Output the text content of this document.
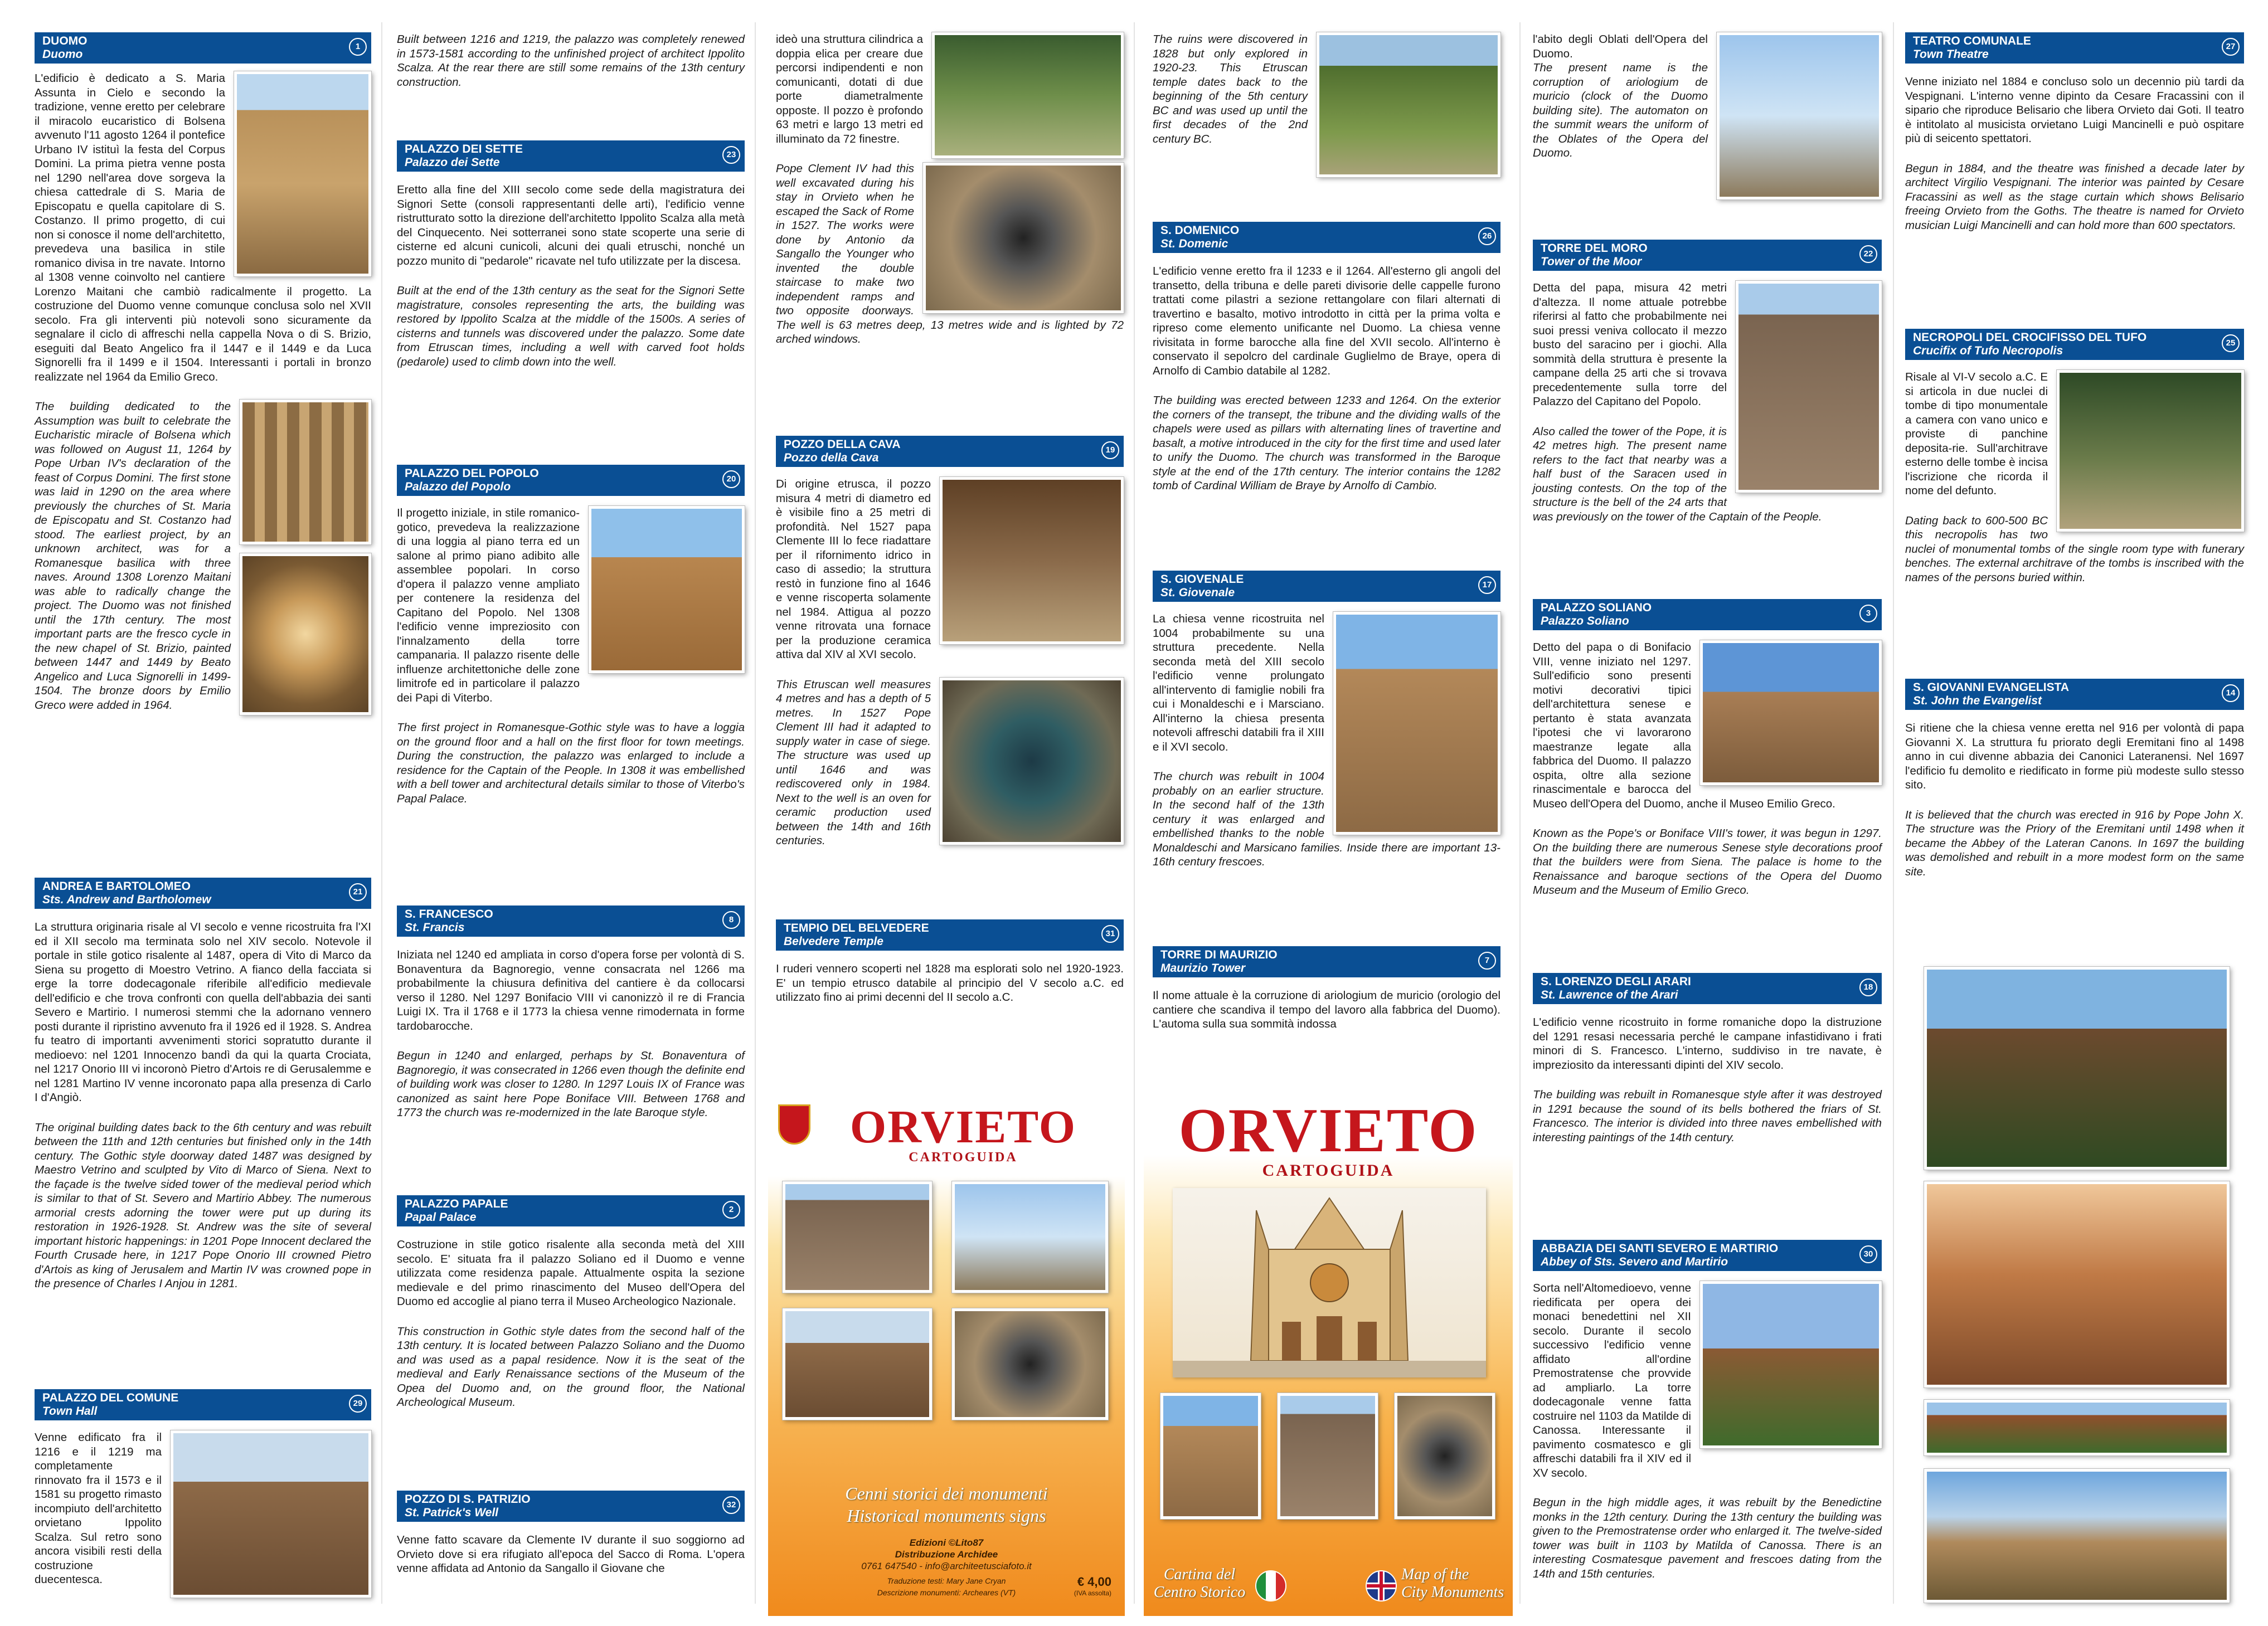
DUOMO
Duomo
1
L'edificio è dedicato a S. Maria Assunta in Cielo e secondo la tradizione, venne eretto per celebrare il miracolo eucaristico di Bolsena avvenuto l'11 agosto 1264 il pontefice Urbano IV istituì la festa del Corpus Domini. La prima pietra venne posta nel 1290 nell'area dove sorgeva la chiesa cattedrale di S. Maria de Episcopatu e quella capitolare di S. Costanzo. Il primo progetto, di cui non si conosce il nome dell'architetto, prevedeva una basilica in stile romanico divisa in tre navate. Intorno al 1308 venne coinvolto nel cantiere Lorenzo Maitani che cambiò radicalmente il progetto. La costruzione del Duomo venne comunque conclusa solo nel XVII secolo. Fra gli interventi più notevoli sono sicuramente da segnalare il ciclo di affreschi nella cappella Nova o di S. Brizio, eseguiti dal Beato Angelico fra il 1447 e il 1449 e da Luca Signorelli fra il 1499 e il 1504. Interessanti i portali in bronzo realizzate nel 1964 da Emilio Greco.
The building dedicated to the Assumption was built to celebrate the Eucharistic miracle of Bolsena which was followed on August 11, 1264 by Pope Urban IV's declaration of the feast of Corpus Domini. The first stone was laid in 1290 on the area where previously the churches of St. Maria de Episcopatu and St. Costanzo had stood. The earliest project, by an unknown architect, was for a Romanesque basilica with three naves. Around 1308 Lorenzo Maitani was able to radically change the project. The Duomo was not finished until the 17th century. The most important parts are the fresco cycle in the new chapel of St. Brizio, painted between 1447 and 1449 by Beato Angelico and Luca Signorelli in 1499-1504. The bronze doors by Emilio Greco were added in 1964.
ANDREA E BARTOLOMEO
Sts. Andrew and Bartholomew
21
La struttura originaria risale al VI secolo e venne ricostruita fra l'XI ed il XII secolo ma terminata solo nel XIV secolo. Notevole il portale in stile gotico risalente al 1487, opera di Vito di Marco da Siena su progetto di Moestro Vetrino. A fianco della facciata si erge la torre dodecagonale riferibile all'edificio medievale dell'edificio e che trova confronti con quella dell'abbazia dei santi Severo e Martirio. I numerosi stemmi che la adornano vennero posti durante il ripristino avvenuto fra il 1926 ed il 1928. S. Andrea fu teatro di importanti avvenimenti storici sopratutto durante il medioevo: nel 1201 Innocenzo bandì da qui la quarta Crociata, nel 1217 Onorio III vi incoronò Pietro d'Artois re di Gerusalemme e nel 1281 Martino IV venne incoronato papa alla presenza di Carlo I d'Angiò.
The original building dates back to the 6th century and was rebuilt between the 11th and 12th centuries but finished only in the 14th century. The Gothic style doorway dated 1487 was designed by Maestro Vetrino and sculpted by Vito di Marco of Siena. Next to the façade is the twelve sided tower of the medieval period which is similar to that of St. Severo and Martirio Abbey. The numerous armorial crests adorning the tower were put up during its restoration in 1926-1928. St. Andrew was the site of several important historic happenings: in 1201 Pope Innocent declared the Fourth Crusade here, in 1217 Pope Onorio III crowned Pietro d'Artois as king of Jerusalem and Martin IV was crowned pope in the presence of Charles I Anjou in 1281.
PALAZZO DEL COMUNE
Town Hall
29
Venne edificato fra il 1216 e il 1219 ma completamente rinnovato fra il 1573 e il 1581 su progetto rimasto incompiuto dell'architetto orvietano Ippolito Scalza. Sul retro sono ancora visibili resti della costruzione duecentesca.
Built between 1216 and 1219, the palazzo was completely renewed in 1573-1581 according to the unfinished project of architect Ippolito Scalza. At the rear there are still some remains of the 13th century construction.
PALAZZO DEI SETTE
Palazzo dei Sette
23
Eretto alla fine del XIII secolo come sede della magistratura dei Signori Sette (consoli rappresentanti delle arti), l'edificio venne ristrutturato sotto la direzione dell'architetto Ippolito Scalza alla metà del Cinquecento. Nei sotterranei sono state scoperte una serie di cisterne ed alcuni cunicoli, alcuni dei quali etruschi, nonché un pozzo munito di "pedarole" ricavate nel tufo utilizzate per la discesa.
Built at the end of the 13th century as the seat for the Signori Sette magistrature, consoles representing the arts, the building was restored by Ippolito Scalza at the middle of the 1500s. A series of cisterns and tunnels was discovered under the palazzo. Some date from Etruscan times, including a well with carved foot holds (pedarole) used to climb down into the well.
PALAZZO DEL POPOLO
Palazzo del Popolo
20
Il progetto iniziale, in stile romanico-gotico, prevedeva la realizzazione di una loggia al piano terra ed un salone al primo piano adibito alle assemblee popolari. In corso d'opera il palazzo venne ampliato per contenere la residenza del Capitano del Popolo. Nel 1308 l'edificio venne impreziosito con l'innalzamento della torre campanaria. Il palazzo risente delle influenze architettoniche delle zone limitrofe ed in particolare il palazzo dei Papi di Viterbo.
The first project in Romanesque-Gothic style was to have a loggia on the ground floor and a hall on the first floor for town meetings. During the construction, the palazzo was enlarged to include a residence for the Captain of the People. In 1308 it was embellished with a bell tower and architectural details similar to those of Viterbo's Papal Palace.
S. FRANCESCO
St. Francis
8
Iniziata nel 1240 ed ampliata in corso d'opera forse per volontà di S. Bonaventura da Bagnoregio, venne consacrata nel 1266 ma probabilmente la chiusura definitiva del cantiere è da collocarsi verso il 1280. Nel 1297 Bonifacio VIII vi canonizzò il re di Francia Luigi IX. Tra il 1768 e il 1773 la chiesa venne rimodernata in forme tardobarocche.
Begun in 1240 and enlarged, perhaps by St. Bonaventura of Bagnoregio, it was consecrated in 1266 even though the definite end of building work was closer to 1280. In 1297 Louis IX of France was canonized as saint here Pope Boniface VIII. Between 1768 and 1773 the church was re-modernized in the late Baroque style.
PALAZZO PAPALE
Papal Palace
2
Costruzione in stile gotico risalente alla seconda metà del XIII secolo. E' situata fra il palazzo Soliano ed il Duomo e venne utilizzata come residenza papale. Attualmente ospita la sezione medievale e del primo rinascimento del Museo dell'Opera del Duomo ed accoglie al piano terra il Museo Archeologico Nazionale.
This construction in Gothic style dates from the second half of the 13th century. It is located between Palazzo Soliano and the Duomo and was used as a papal residence. Now it is the seat of the medieval and Early Renaissance sections of the Museum of the Opea del Duomo and, on the ground floor, the National Archeological Museum.
POZZO DI S. PATRIZIO
St. Patrick's Well
32
Venne fatto scavare da Clemente IV durante il suo soggiorno ad Orvieto dove si era rifugiato all'epoca del Sacco di Roma. L'opera venne affidata ad Antonio da Sangallo il Giovane che
ideò una struttura cilindrica a doppia elica per creare due percorsi indipendenti e non comunicanti, dotati di due porte diametralmente opposte. Il pozzo è profondo 63 metri e largo 13 metri ed illuminato da 72 finestre.
Pope Clement IV had this well excavated during his stay in Orvieto when he escaped the Sack of Rome in 1527. The works were done by Antonio da Sangallo the Younger who invented the double staircase to make two independent ramps and two opposite doorways. The well is 63 metres deep, 13 metres wide and is lighted by 72 arched windows.
POZZO DELLA CAVA
Pozzo della Cava
19
Di origine etrusca, il pozzo misura 4 metri di diametro ed è visibile fino a 25 metri di profondità. Nel 1527 papa Clemente III lo fece riadattare per il rifornimento idrico in caso di assedio; la struttura restò in funzione fino al 1646 e venne riscoperta solamente nel 1984. Attigua al pozzo venne ritrovata una fornace per la produzione ceramica attiva dal XIV al XVI secolo.
This Etruscan well measures 4 metres and has a depth of 5 metres. In 1527 Pope Clement III had it adapted to supply water in case of siege. The structure was used up until 1646 and was rediscovered only in 1984. Next to the well is an oven for ceramic production used between the 14th and 16th centuries.
TEMPIO DEL BELVEDERE
Belvedere Temple
31
I ruderi vennero scoperti nel 1828 ma esplorati solo nel 1920-1923. E' un tempio etrusco databile al principio del V secolo a.C. ed utilizzato fino ai primi decenni del II secolo a.C.
ORVIETO
CARTOGUIDA
Cenni storici dei monumenti
Historical monuments signs
Edizioni ©Lito87
Distribuzione Archidee
0761 647540 - info@architeetusciafoto.it
Traduzione testi: Mary Jane Cryan
Descrizione monumenti: Archeares (VT)
€ 4,00
(IVA assolta)
The ruins were discovered in 1828 but only explored in 1920-23. This Etruscan temple dates back to the beginning of the 5th century BC and was used up until the first decades of the 2nd century BC.
S. DOMENICO
St. Domenic
26
L'edificio venne eretto fra il 1233 e il 1264. All'esterno gli angoli del transetto, della tribuna e delle pareti divisorie delle cappelle furono trattati come pilastri a sezione rettangolare con filari alternati di travertino e basalto, motivo introdotto in città per la prima volta e ripreso come elemento unificante nel Duomo. La chiesa venne rivisitata in forme barocche alla fine del XVII secolo. All'interno è conservato il sepolcro del cardinale Guglielmo de Braye, opera di Arnolfo di Cambio databile al 1282.
The building was erected between 1233 and 1264. On the exterior the corners of the transept, the tribune and the dividing walls of the chapels were used as pillars with alternating lines of travertine and basalt, a motive introduced in the city for the first time and used later to unify the Duomo. The church was transformed in the Baroque style at the end of the 17th century. The interior contains the 1282 tomb of Cardinal William de Braye by Arnolfo di Cambio.
S. GIOVENALE
St. Giovenale
17
La chiesa venne ricostruita nel 1004 probabilmente su una struttura precedente. Nella seconda metà del XIII secolo l'edificio venne prolungato all'intervento di famiglie nobili fra cui i Monaldeschi e i Marsciano. All'interno la chiesa presenta notevoli affreschi databili fra il XIII e il XVI secolo.
The church was rebuilt in 1004 probably on an earlier structure. In the second half of the 13th century it was enlarged and embellished thanks to the noble Monaldeschi and Marsicano families. Inside there are important 13-16th century frescoes.
TORRE DI MAURIZIO
Maurizio Tower
7
Il nome attuale è la corruzione di ariologium de muricio (orologio del cantiere che scandiva il tempo del lavoro alla fabbrica del Duomo). L'automa sulla sua sommità indossa
ORVIETO
CARTOGUIDA
Cartina del
Centro Storico
Map of the
City Monuments
l'abito degli Oblati dell'Opera del Duomo.
The present name is the corruption of ariologium de muricio (clock of the Duomo building site). The automaton on the summit wears the uniform of the Oblates of the Opera del Duomo.
TORRE DEL MORO
Tower of the Moor
22
Detta del papa, misura 42 metri d'altezza. Il nome attuale potrebbe riferirsi al fatto che probabilmente nei suoi pressi veniva collocato il mezzo busto del saracino per i giochi. Alla sommità della struttura è presente la campane della 25 arti che si trovava precedentemente sulla torre del Palazzo del Capitano del Popolo.
Also called the tower of the Pope, it is 42 metres high. The present name refers to the fact that nearby was a half bust of the Saracen used in jousting contests. On the top of the structure is the bell of the 24 arts that was previously on the tower of the Captain of the People.
PALAZZO SOLIANO
Palazzo Soliano
3
Detto del papa o di Bonifacio VIII, venne iniziato nel 1297. Sull'edificio sono presenti motivi decorativi tipici dell'architettura senese e pertanto è stata avanzata l'ipotesi che vi lavorarono maestranze legate alla fabbrica del Duomo. Il palazzo ospita, oltre alla sezione rinascimentale e barocca del Museo dell'Opera del Duomo, anche il Museo Emilio Greco.
Known as the Pope's or Boniface VIII's tower, it was begun in 1297. On the building there are numerous Senese style decorations proof that the builders were from Siena. The palace is home to the Renaissance and baroque sections of the Opera del Duomo Museum and the Museum of Emilio Greco.
S. LORENZO DEGLI ARARI
St. Lawrence of the Arari
18
L'edificio venne ricostruito in forme romaniche dopo la distruzione del 1291 resasi necessaria perché le campane infastidivano i frati minori di S. Francesco. L'interno, suddiviso in tre navate, è impreziosito da interessanti dipinti del XIV secolo.
The building was rebuilt in Romanesque style after it was destroyed in 1291 because the sound of its bells bothered the friars of St. Francesco. The interior is divided into three naves embellished with interesting paintings of the 14th century.
ABBAZIA DEI SANTI SEVERO E MARTIRIO
Abbey of Sts. Severo and Martirio
30
Sorta nell'Altomedioevo, venne riedificata per opera dei monaci benedettini nel XII secolo. Durante il secolo successivo l'edificio venne affidato all'ordine Premostratense che provvide ad ampliarlo. La torre dodecagonale venne fatta costruire nel 1103 da Matilde di Canossa. Interessante il pavimento cosmatesco e gli affreschi databili fra il XIV ed il XV secolo.
Begun in the high middle ages, it was rebuilt by the Benedictine monks in the 12th century. During the 13th century the building was given to the Premostratense order who enlarged it. The twelve-sided tower was built in 1103 by Matilda of Canossa. There is an interesting Cosmatesque pavement and frescoes dating from the 14th and 15th centuries.
TEATRO COMUNALE
Town Theatre
27
Venne iniziato nel 1884 e concluso solo un decennio più tardi da Vespignani. L'interno venne dipinto da Cesare Fracassini con il sipario che riproduce Belisario che libera Orvieto dai Goti. Il teatro è intitolato al musicista orvietano Luigi Mancinelli e può ospitare più di seicento spettatori.
Begun in 1884, and the theatre was finished a decade later by architect Virgilio Vespignani. The interior was painted by Cesare Fracassini as well as the stage curtain which shows Belisario freeing Orvieto from the Goths. The theatre is named for Orvieto musician Luigi Mancinelli and can hold more than 600 spectators.
NECROPOLI DEL CROCIFISSO DEL TUFO
Crucifix of Tufo Necropolis
25
Risale al VI-V secolo a.C. E si articola in due nuclei di tombe di tipo monumentale a camera con vano unico e proviste di panchine deposita-rie. Sull'architrave esterno delle tombe è incisa l'iscrizione che ricorda il nome del defunto.
Dating back to 600-500 BC this necropolis has two nuclei of monumental tombs of the single room type with funerary benches. The external architrave of the tombs is inscribed with the names of the persons buried within.
S. GIOVANNI EVANGELISTA
St. John the Evangelist
14
Si ritiene che la chiesa venne eretta nel 916 per volontà di papa Giovanni X. La struttura fu priorato degli Eremitani fino al 1498 anno in cui divenne abbazia dei Canonici Lateranensi. Nel 1697 l'edificio fu demolito e riedificato in forme più modeste sullo stesso sito.
It is believed that the church was erected in 916 by Pope John X. The structure was the Priory of the Eremitani until 1498 when it became the Abbey of the Lateran Canons. In 1697 the building was demolished and rebuilt in a more modest form on the same site.
